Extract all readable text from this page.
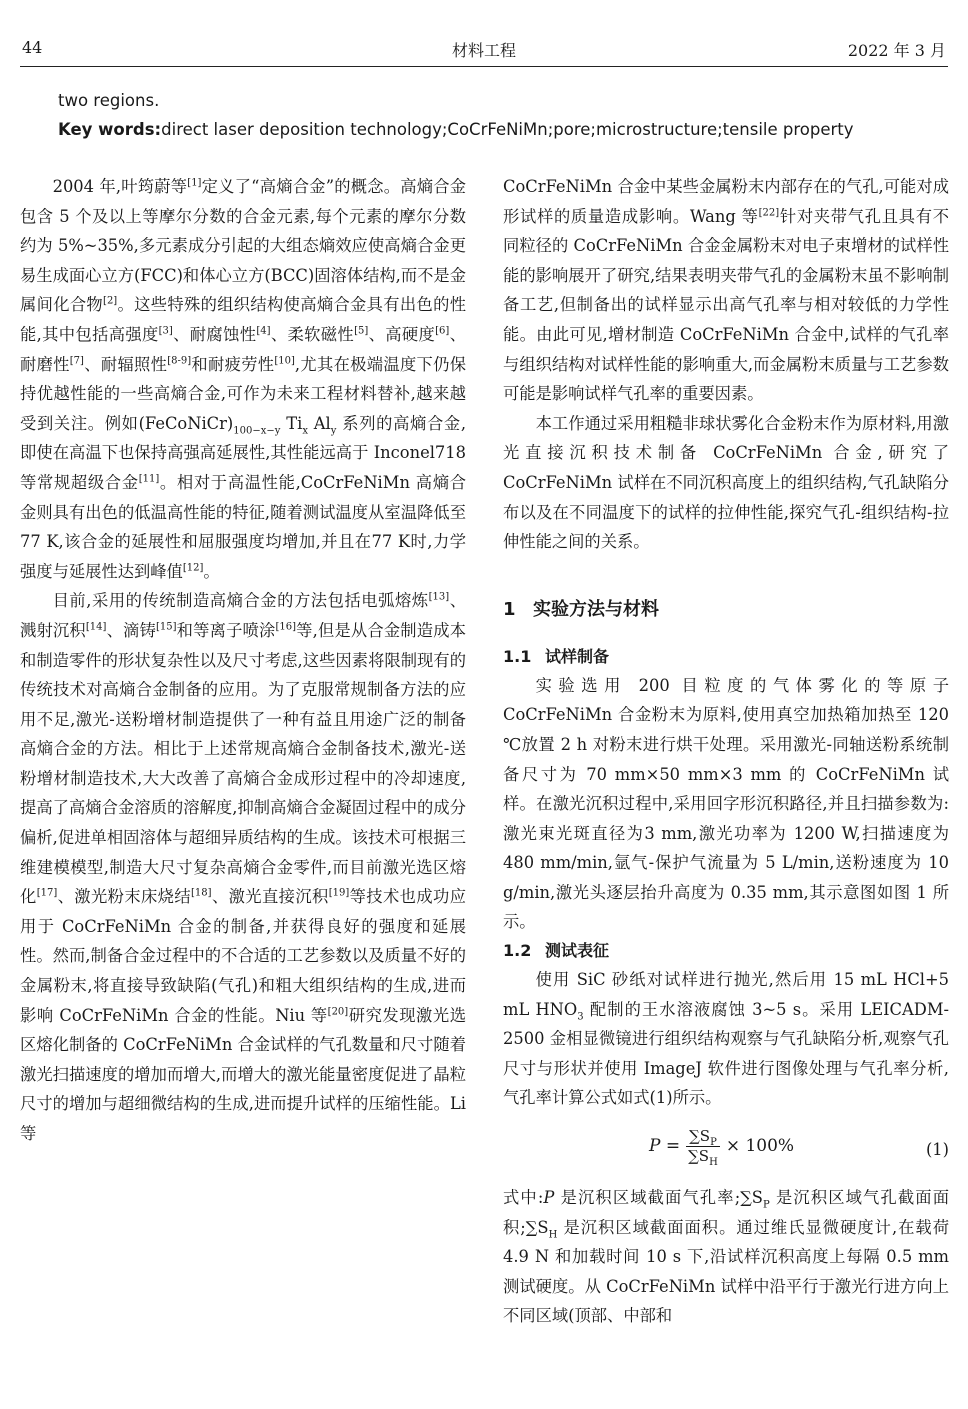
44	材料工程	2022 年 3 月
two regions.
Key words:direct laser deposition technology;CoCrFeNiMn;pore;microstructure;tensile property

2004 年,叶筠蔚等[1]定义了“高熵合金”的概念。高熵合金包含 5 个及以上等摩尔分数的合金元素,每个元素的摩尔分数约为 5%~35%,多元素成分引起的大组态熵效应使高熵合金更易生成面心立方(FCC)和体心立方(BCC)固溶体结构,而不是金属间化合物[2]。这些特殊的组织结构使高熵合金具有出色的性能,其中包括高强度[3]、耐腐蚀性[4]、柔软磁性[5]、高硬度[6]、耐磨性[7]、耐辐照性[8-9]和耐疲劳性[10],尤其在极端温度下仍保持优越性能的一些高熵合金,可作为未来工程材料替补,越来越受到关注。例如$(FeCoNiCr)_{100-x-y}$ $Ti_x$ $Al_y$ 系列的高熵合金,即使在高温下也保持高强高延展性,其性能远高于 Inconel718 等常规超级合金[11]。相对于高温性能,CoCrFeNiMn 高熵合金则具有出色的低温高性能的特征,随着测试温度从室温降低至77 K,该合金的延展性和屈服强度均增加,并且在77 K时,力学强度与延展性达到峰值[12]。

目前,采用的传统制造高熵合金的方法包括电弧熔炼[13]、溅射沉积[14]、滴铸[15]和等离子喷涂[16]等,但是从合金制造成本和制造零件的形状复杂性以及尺寸考虑,这些因素将限制现有的传统技术对高熵合金制备的应用。为了克服常规制备方法的应用不足,激光-送粉增材制造提供了一种有益且用途广泛的制备高熵合金的方法。相比于上述常规高熵合金制备技术,激光-送粉增材制造技术,大大改善了高熵合金成形过程中的冷却速度,提高了高熵合金溶质的溶解度,抑制高熵合金凝固过程中的成分偏析,促进单相固溶体与超细异质结构的生成。该技术可根据三维建模模型,制造大尺寸复杂高熵合金零件,而目前激光选区熔化[17]、激光粉末床烧结[18]、激光直接沉积[19]等技术也成功应用于 CoCrFeNiMn 合金的制备,并获得良好的强度和延展性。然而,制备合金过程中的不合适的工艺参数以及质量不好的金属粉末,将直接导致缺陷(气孔)和粗大组织结构的生成,进而影响 CoCrFeNiMn 合金的性能。Niu 等[20]研究发现激光选区熔化制备的 CoCrFeNiMn 合金试样的气孔数量和尺寸随着激光扫描速度的增加而增大,而增大的激光能量密度促进了晶粒尺寸的增加与超细微结构的生成,进而提升试样的压缩性能。Li 等

CoCrFeNiMn 合金中某些金属粉末内部存在的气孔,可能对成形试样的质量造成影响。Wang 等[22]针对夹带气孔且具有不同粒径的 CoCrFeNiMn 合金金属粉末对电子束增材的试样性能的影响展开了研究,结果表明夹带气孔的金属粉末虽不影响制备工艺,但制备出的试样显示出高气孔率与相对较低的力学性能。由此可见,增材制造 CoCrFeNiMn 合金中,试样的气孔率与组织结构对试样性能的影响重大,而金属粉末质量与工艺参数可能是影响试样气孔率的重要因素。

本工作通过采用粗糙非球状雾化合金粉末作为原材料,用激光直接沉积技术制备 CoCrFeNiMn 合金,研究了 CoCrFeNiMn 试样在不同沉积高度上的组织结构,气孔缺陷分布以及在不同温度下的试样的拉伸性能,探究气孔-组织结构-拉伸性能之间的关系。

1 实验方法与材料
1.1 试样制备

实验选用 200 目粒度的气体雾化的等原子 CoCrFeNiMn 合金粉末为原料,使用真空加热箱加热至 120 ℃放置 2 h 对粉末进行烘干处理。采用激光-同轴送粉系统制备尺寸为 70 mm×50 mm×3 mm 的 CoCrFeNiMn 试样。在激光沉积过程中,采用回字形沉积路径,并且扫描参数为:激光束光斑直径为3 mm,激光功率为 1200 W,扫描速度为 480 mm/min,氩气-保护气流量为 5 L/min,送粉速度为 10 g/min,激光头逐层抬升高度为 0.35 mm,其示意图如图 1 所示。

1.2 测试表征

使用 SiC 砂纸对试样进行抛光,然后用 15 mL HCl+5 mL $HNO_3$ 配制的王水溶液腐蚀 3~5 s。采用 LEICADM-2500 金相显微镜进行组织结构观察与气孔缺陷分析,观察气孔尺寸与形状并使用 ImageJ 软件进行图像处理与气孔率分析,气孔率计算公式如式(1)所示。

$P = \frac{\sum S_P}{\sum S_H} \times 100\%$	(1)

式中:P 是沉积区域截面气孔率$;\sum S_P$ 是沉积区域气孔截面面积$;\sum S_H$ 是沉积区域截面面积。通过维氏显微硬度计,在载荷 4.9 N 和加载时间 10 s 下,沿试样沉积高度上每隔 0.5 mm 测试硬度。从 CoCrFeNiMn 试样中沿平行于激光行进方向上不同区域(顶部、中部和
